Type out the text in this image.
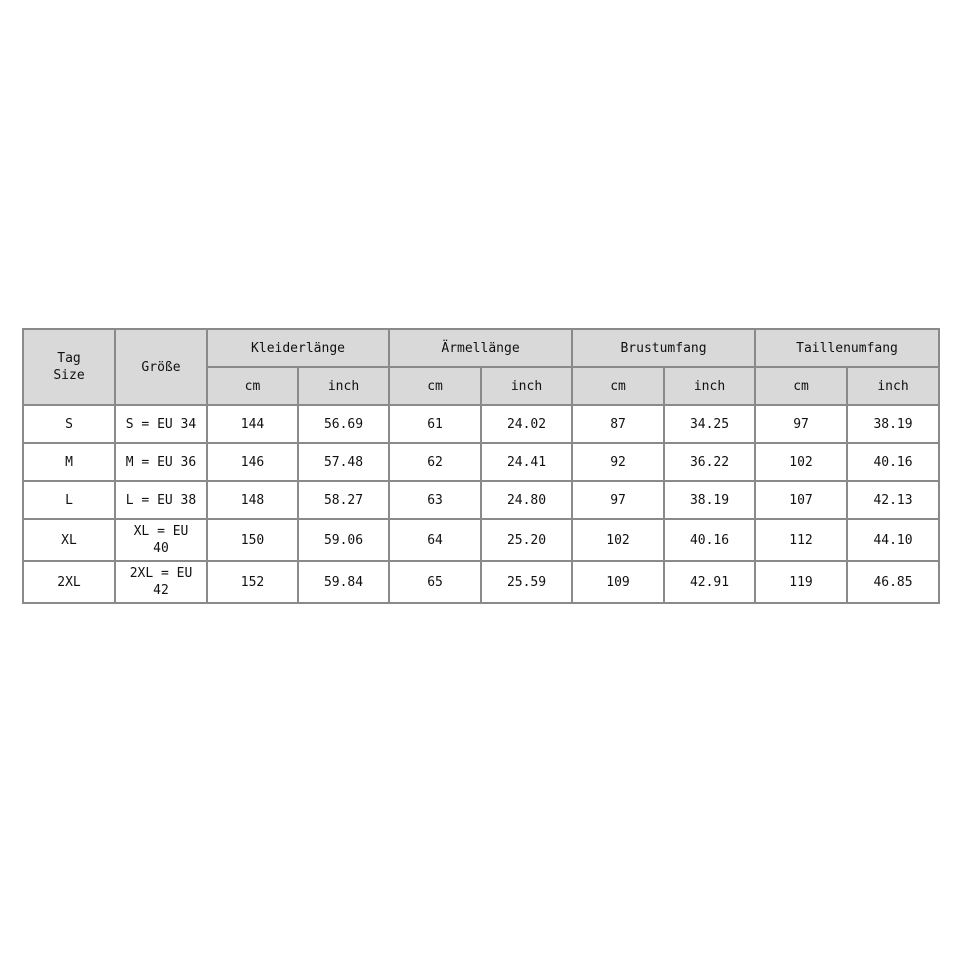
Tag Size	Größe	Kleiderlänge		Ärmellänge		Brustumfang		Taillenumfang	
		cm	inch	cm	inch	cm	inch	cm	inch
S	S = EU 34	144	56.69	61	24.02	87	34.25	97	38.19
M	M = EU 36	146	57.48	62	24.41	92	36.22	102	40.16
L	L = EU 38	148	58.27	63	24.80	97	38.19	107	42.13
XL	XL = EU 40	150	59.06	64	25.20	102	40.16	112	44.10
2XL	2XL = EU 42	152	59.84	65	25.59	109	42.91	119	46.85
